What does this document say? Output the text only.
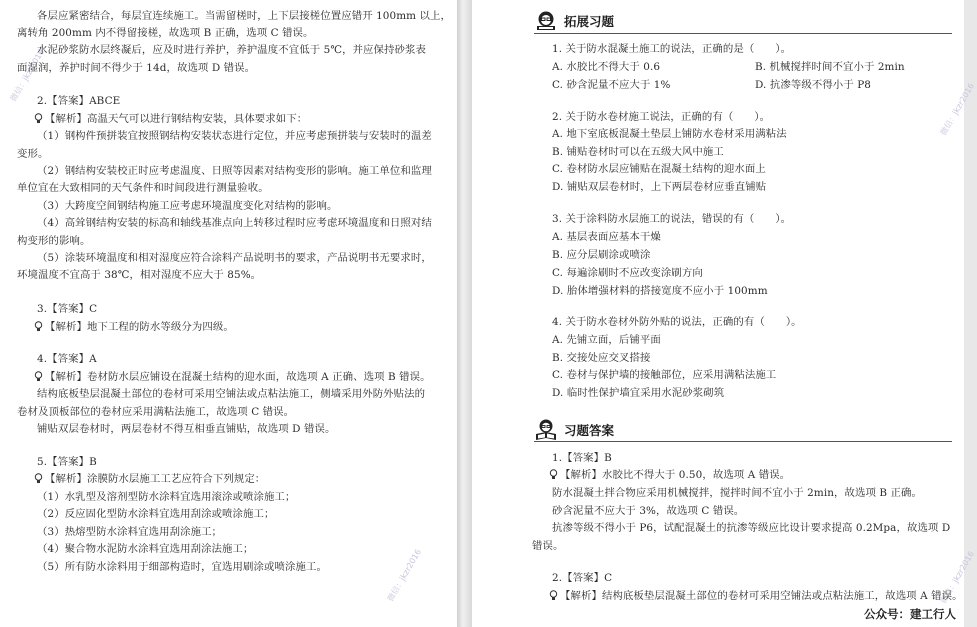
微信：jkzr2016
微信：jkzr2016
各层应紧密结合，每层宜连续施工。当需留槎时，上下层接槎位置应错开 100mm 以上，
离转角 200mm 内不得留接槎，故选项 B 正确，选项 C 错误。
水泥砂浆防水层终凝后，应及时进行养护，养护温度不宜低于 5℃，并应保持砂浆表
面湿润，养护时间不得少于 14d，故选项 D 错误。
2.【答案】ABCE
【解析】高温天气可以进行钢结构安装，具体要求如下：
（1）钢构件预拼装宜按照钢结构安装状态进行定位，并应考虑预拼装与安装时的温差
变形。
（2）钢结构安装校正时应考虑温度、日照等因素对结构变形的影响。施工单位和监理
单位宜在大致相同的天气条件和时间段进行测量验收。
（3）大跨度空间钢结构施工应考虑环境温度变化对结构的影响。
（4）高耸钢结构安装的标高和轴线基准点向上转移过程时应考虑环境温度和日照对结
构变形的影响。
（5）涂装环境温度和相对湿度应符合涂料产品说明书的要求，产品说明书无要求时，
环境温度不宜高于 38℃，相对湿度不应大于 85%。
3.【答案】C
【解析】地下工程的防水等级分为四级。
4.【答案】A
【解析】卷材防水层应铺设在混凝土结构的迎水面，故选项 A 正确、选项 B 错误。
结构底板垫层混凝土部位的卷材可采用空铺法或点粘法施工，侧墙采用外防外贴法的
卷材及顶板部位的卷材应采用满粘法施工，故选项 C 错误。
铺贴双层卷材时，两层卷材不得互相垂直铺贴，故选项 D 错误。
5.【答案】B
【解析】涂膜防水层施工工艺应符合下列规定：
（1）水乳型及溶剂型防水涂料宜选用滚涂或喷涂施工；
（2）反应固化型防水涂料宜选用刮涂或喷涂施工；
（3）热熔型防水涂料宜选用刮涂施工；
（4）聚合物水泥防水涂料宜选用刮涂法施工；
（5）所有防水涂料用于细部构造时，宜选用刷涂或喷涂施工。
微信：jkzr2016
微信：jkzr2016
拓展习题
1. 关于防水混凝土施工的说法，正确的是（　　）。
A. 水胶比不得大于 0.6	B. 机械搅拌时间不宜小于 2min
C. 砂含泥量不应大于 1%	D. 抗渗等级不得小于 P8
2. 关于防水卷材施工说法，正确的有（　　）。
A. 地下室底板混凝土垫层上铺防水卷材采用满粘法
B. 铺贴卷材时可以在五级大风中施工
C. 卷材防水层应铺贴在混凝土结构的迎水面上
D. 铺贴双层卷材时，上下两层卷材应垂直铺贴
3. 关于涂料防水层施工的说法，错误的有（　　）。
A. 基层表面应基本干燥
B. 应分层刷涂或喷涂
C. 每遍涂刷时不应改变涂刷方向
D. 胎体增强材料的搭接宽度不应小于 100mm
4. 关于防水卷材外防外贴的说法，正确的有（　　）。
A. 先铺立面，后铺平面
B. 交接处应交叉搭接
C. 卷材与保护墙的接触部位，应采用满粘法施工
D. 临时性保护墙宜采用水泥砂浆砌筑
习题答案
1.【答案】B
【解析】水胶比不得大于 0.50，故选项 A 错误。
防水混凝土拌合物应采用机械搅拌，搅拌时间不宜小于 2min，故选项 B 正确。
砂含泥量不应大于 3%，故选项 C 错误。
抗渗等级不得小于 P6，试配混凝土的抗渗等级应比设计要求提高 0.2Mpa，故选项 D
错误。
2.【答案】C
【解析】结构底板垫层混凝土部位的卷材可采用空铺法或点粘法施工，故选项 A 错误。
公众号：建工行人
